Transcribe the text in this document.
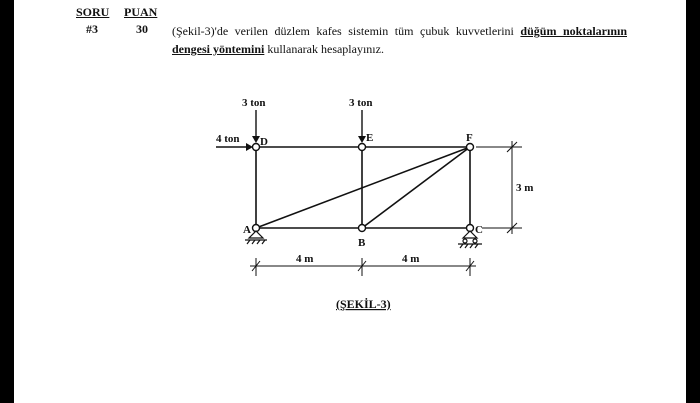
SORU PUAN
#3	30 (Şekil-3)'de verilen düzlem kafes sistemin tüm çubuk kuvvetlerini düğüm noktalarının dengesi yöntemini kullanarak hesaplayınız.
3 ton	3 ton
4 ton D	E	F
A
B
C
4 m	4 m
3 m
(ŞEKİL-3)
